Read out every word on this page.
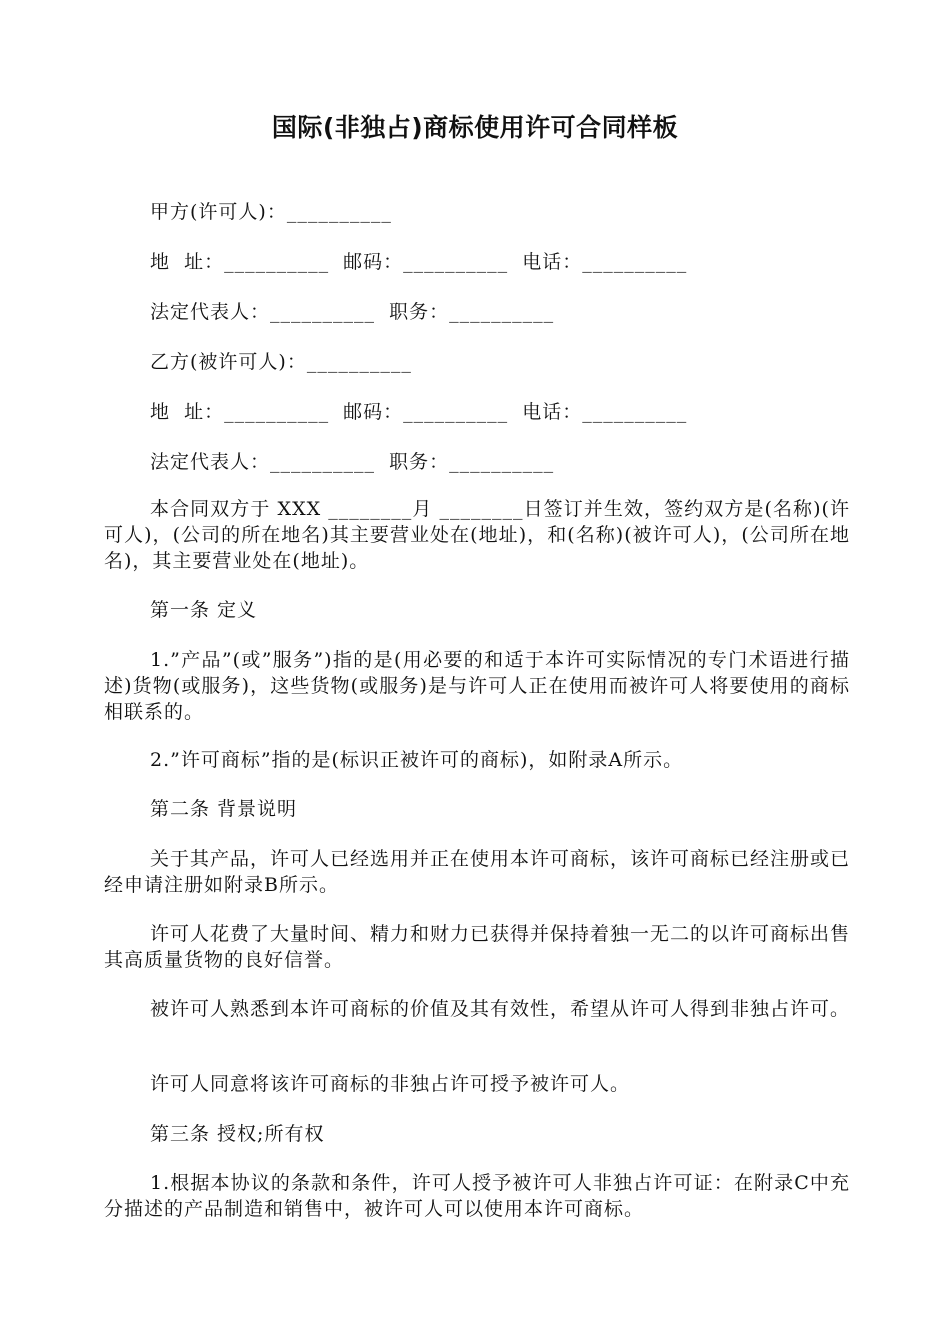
国际(非独占)商标使用许可合同样板
甲方(许可人)：__________
地  址：__________  邮码：__________  电话：__________
法定代表人：__________  职务：__________
乙方(被许可人)：__________
地  址：__________  邮码：__________  电话：__________
法定代表人：__________  职务：__________

本合同双方于 XXX ________月 ________日签订并生效，签约双方是(名称)(许可人)，(公司的所在地名)其主要营业处在(地址)，和(名称)(被许可人)，(公司所在地名)，其主要营业处在(地址)。

第一条 定义

1.”产品”(或”服务”)指的是(用必要的和适于本许可实际情况的专门术语进行描述)货物(或服务)，这些货物(或服务)是与许可人正在使用而被许可人将要使用的商标相联系的。

2.”许可商标”指的是(标识正被许可的商标)，如附录A所示。

第二条 背景说明

关于其产品，许可人已经选用并正在使用本许可商标，该许可商标已经注册或已经申请注册如附录B所示。

许可人花费了大量时间、精力和财力已获得并保持着独一无二的以许可商标出售其高质量货物的良好信誉。

被许可人熟悉到本许可商标的价值及其有效性，希望从许可人得到非独占许可。

许可人同意将该许可商标的非独占许可授予被许可人。

第三条 授权;所有权

1.根据本协议的条款和条件，许可人授予被许可人非独占许可证：在附录C中充分描述的产品制造和销售中，被许可人可以使用本许可商标。
